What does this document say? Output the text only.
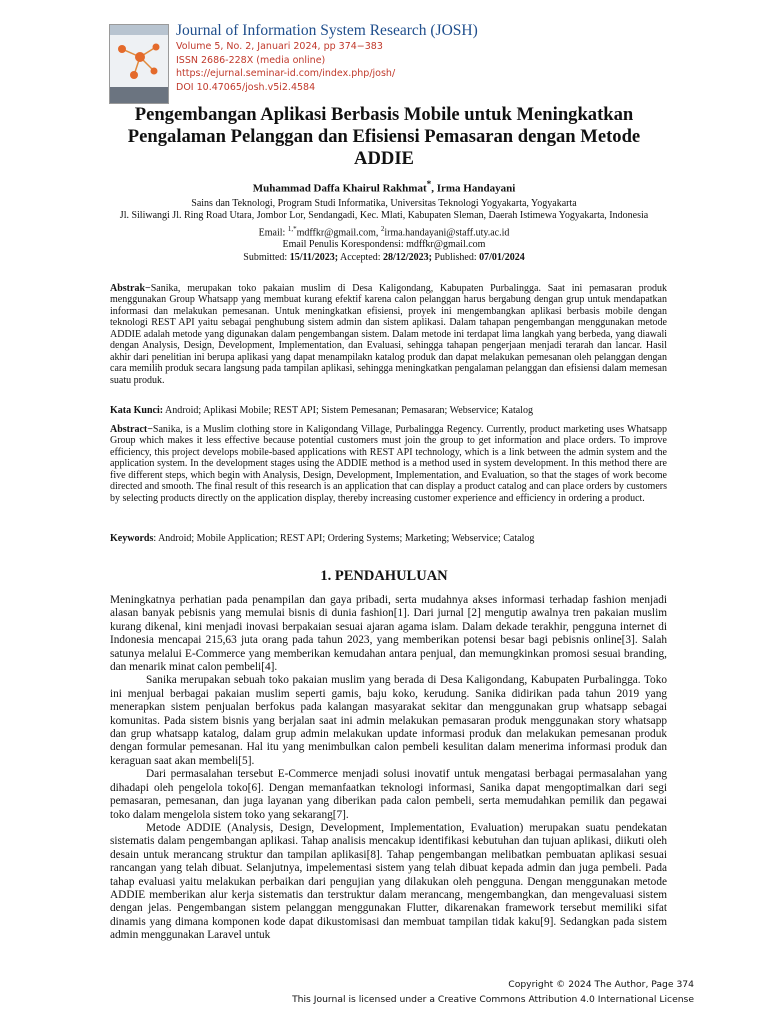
Journal of Information System Research (JOSH)
Volume 5, No. 2, Januari 2024, pp 374−383
ISSN 2686-228X (media online)
https://ejurnal.seminar-id.com/index.php/josh/
DOI 10.47065/josh.v5i2.4584
Pengembangan Aplikasi Berbasis Mobile untuk Meningkatkan Pengalaman Pelanggan dan Efisiensi Pemasaran dengan Metode ADDIE
Muhammad Daffa Khairul Rakhmat*, Irma Handayani
Sains dan Teknologi, Program Studi Informatika, Universitas Teknologi Yogyakarta, Yogyakarta
Jl. Siliwangi Jl. Ring Road Utara, Jombor Lor, Sendangadi, Kec. Mlati, Kabupaten Sleman, Daerah Istimewa Yogyakarta, Indonesia
Email: $^{1,*}$mdffkr@gmail.com, $^2$irma.handayani@staff.uty.ac.id
Email Penulis Korespondensi: mdffkr@gmail.com
Submitted: 15/11/2023; Accepted: 28/12/2023; Published: 07/01/2024
Abstrak−Sanika, merupakan toko pakaian muslim di Desa Kaligondang, Kabupaten Purbalingga. Saat ini pemasaran produk menggunakan Group Whatsapp yang membuat kurang efektif karena calon pelanggan harus bergabung dengan grup untuk mendapatkan informasi dan melakukan pemesanan. Untuk meningkatkan efisiensi, proyek ini mengembangkan aplikasi berbasis mobile dengan teknologi REST API yaitu sebagai penghubung sistem admin dan sistem aplikasi. Dalam tahapan pengembangan menggunakan metode ADDIE adalah metode yang digunakan dalam pengembangan sistem. Dalam metode ini terdapat lima langkah yang berbeda, yang diawali dengan Analysis, Design, Development, Implementation, dan Evaluasi, sehingga tahapan pengerjaan menjadi terarah dan lancar. Hasil akhir dari penelitian ini berupa aplikasi yang dapat menampilakn katalog produk dan dapat melakukan pemesanan oleh pelanggan dengan cara memilih produk secara langsung pada tampilan aplikasi, sehingga meningkatkan pengalaman pelanggan dan efisiensi dalam memesan suatu produk.
Kata Kunci: Android; Aplikasi Mobile; REST API; Sistem Pemesanan; Pemasaran; Webservice; Katalog
Abstract−Sanika, is a Muslim clothing store in Kaligondang Village, Purbalingga Regency. Currently, product marketing uses Whatsapp Group which makes it less effective because potential customers must join the group to get information and place orders. To improve efficiency, this project develops mobile-based applications with REST API technology, which is a link between the admin system and the application system. In the development stages using the ADDIE method is a method used in system development. In this method there are five different steps, which begin with Analysis, Design, Development, Implementation, and Evaluation, so that the stages of work become directed and smooth. The final result of this research is an application that can display a product catalog and can place orders by customers by selecting products directly on the application display, thereby increasing customer experience and efficiency in ordering a product.
Keywords: Android; Mobile Application; REST API; Ordering Systems; Marketing; Webservice; Catalog
1. PENDAHULUAN

Meningkatnya perhatian pada penampilan dan gaya pribadi, serta mudahnya akses informasi terhadap fashion menjadi alasan banyak pebisnis yang memulai bisnis di dunia fashion[1]. Dari jurnal [2] mengutip awalnya tren pakaian muslim kurang dikenal, kini menjadi inovasi berpakaian sesuai ajaran agama islam. Dalam dekade terakhir, pengguna internet di Indonesia mencapai 215,63 juta orang pada tahun 2023, yang memberikan potensi besar bagi pebisnis online[3]. Salah satunya melalui E-Commerce yang memberikan kemudahan antara penjual, dan memungkinkan promosi sesuai branding, dan menarik minat calon pembeli[4].

Sanika merupakan sebuah toko pakaian muslim yang berada di Desa Kaligondang, Kabupaten Purbalingga. Toko ini menjual berbagai pakaian muslim seperti gamis, baju koko, kerudung. Sanika didirikan pada tahun 2019 yang menerapkan sistem penjualan berfokus pada kalangan masyarakat sekitar dan menggunakan grup whatsapp sebagai komunitas. Pada sistem bisnis yang berjalan saat ini admin melakukan pemasaran produk menggunakan story whatsapp dan grup whatsapp katalog, dalam grup admin melakukan update informasi produk dan melakukan pemesanan produk dengan formular pemesanan. Hal itu yang menimbulkan calon pembeli kesulitan dalam menerima informasi produk dan keraguan saat akan membeli[5].

Dari permasalahan tersebut E-Commerce menjadi solusi inovatif untuk mengatasi berbagai permasalahan yang dihadapi oleh pengelola toko[6]. Dengan memanfaatkan teknologi informasi, Sanika dapat mengoptimalkan dari segi pemasaran, pemesanan, dan juga layanan yang diberikan pada calon pembeli, serta memudahkan pemilik dan pegawai toko dalam mengelola sistem toko yang sekarang[7].

Metode ADDIE (Analysis, Design, Development, Implementation, Evaluation) merupakan suatu pendekatan sistematis dalam pengembangan aplikasi. Tahap analisis mencakup identifikasi kebutuhan dan tujuan aplikasi, diikuti oleh desain untuk merancang struktur dan tampilan aplikasi[8]. Tahap pengembangan melibatkan pembuatan aplikasi sesuai rancangan yang telah dibuat. Selanjutnya, impelementasi sistem yang telah dibuat kepada admin dan juga pembeli. Pada tahap evaluasi yaitu melakukan perbaikan dari pengujian yang dilakukan oleh pengguna. Dengan menggunakan metode ADDIE memberikan alur kerja sistematis dan terstruktur dalam merancang, mengembangkan, dan mengevaluasi sistem dengan jelas. Pengembangan sistem pelanggan menggunakan Flutter, dikarenakan framework tersebut memiliki sifat dinamis yang dimana komponen kode dapat dikustomisasi dan membuat tampilan tidak kaku[9]. Sedangkan pada sistem admin menggunakan Laravel untuk

Copyright © 2024 The Author, Page 374
This Journal is licensed under a Creative Commons Attribution 4.0 International License
